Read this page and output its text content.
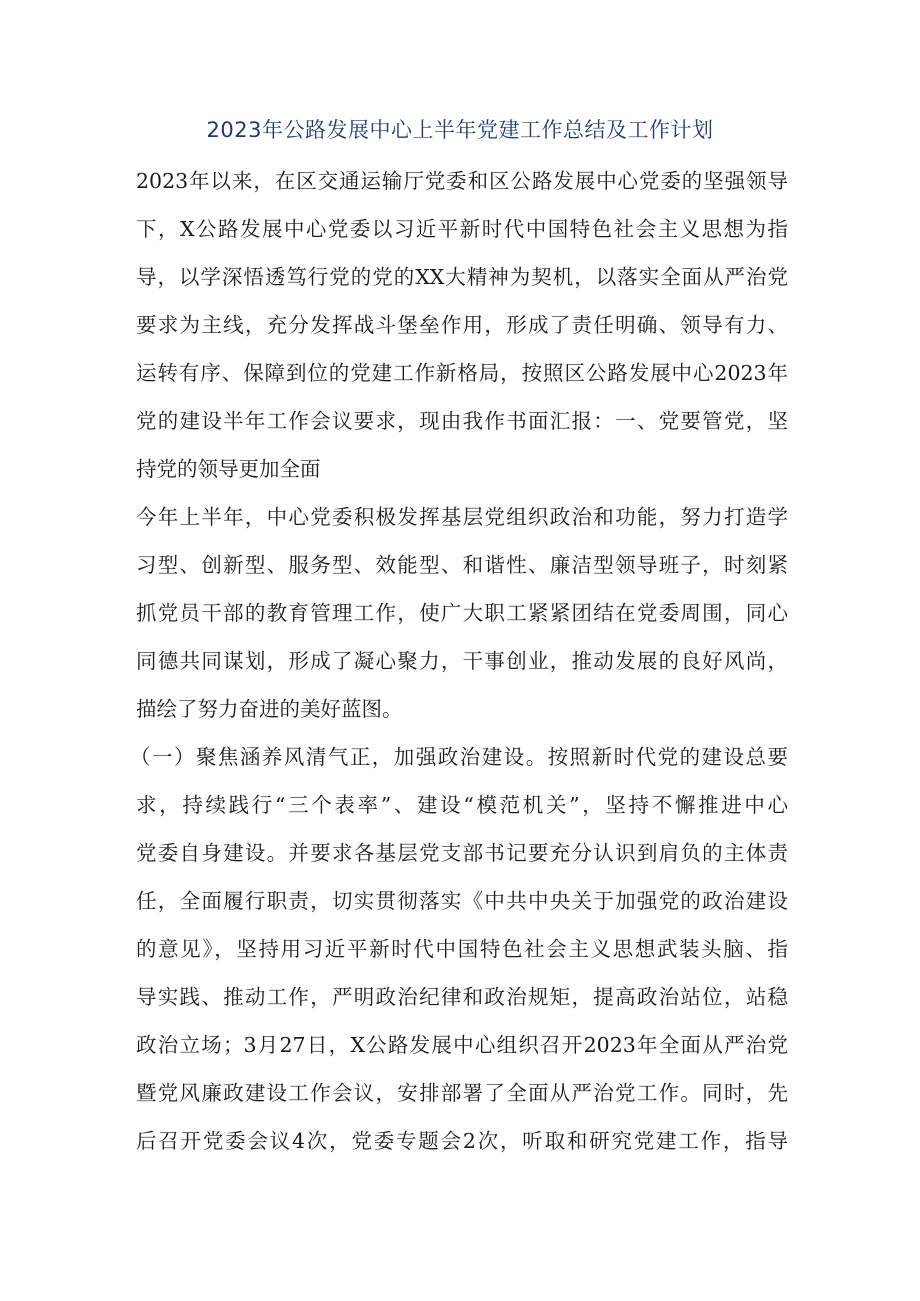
2023年公路发展中心上半年党建工作总结及工作计划
2023年以来，在区交通运输厅党委和区公路发展中心党委的坚强领导
下，X公路发展中心党委以习近平新时代中国特色社会主义思想为指
导，以学深悟透笃行党的党的XX大精神为契机，以落实全面从严治党
要求为主线，充分发挥战斗堡垒作用，形成了责任明确、领导有力、
运转有序、保障到位的党建工作新格局，按照区公路发展中心2023年
党的建设半年工作会议要求，现由我作书面汇报：一、党要管党，坚
持党的领导更加全面
今年上半年，中心党委积极发挥基层党组织政治和功能，努力打造学
习型、创新型、服务型、效能型、和谐性、廉洁型领导班子，时刻紧
抓党员干部的教育管理工作，使广大职工紧紧团结在党委周围，同心
同德共同谋划，形成了凝心聚力，干事创业，推动发展的良好风尚，
描绘了努力奋进的美好蓝图。
（一）聚焦涵养风清气正，加强政治建设。按照新时代党的建设总要
求，持续践行“三个表率”、建设“模范机关”，坚持不懈推进中心
党委自身建设。并要求各基层党支部书记要充分认识到肩负的主体责
任，全面履行职责，切实贯彻落实《中共中央关于加强党的政治建设
的意见》，坚持用习近平新时代中国特色社会主义思想武装头脑、指
导实践、推动工作，严明政治纪律和政治规矩，提高政治站位，站稳
政治立场；3月27日，X公路发展中心组织召开2023年全面从严治党
暨党风廉政建设工作会议，安排部署了全面从严治党工作。同时，先
后召开党委会议4次，党委专题会2次，听取和研究党建工作，指导
